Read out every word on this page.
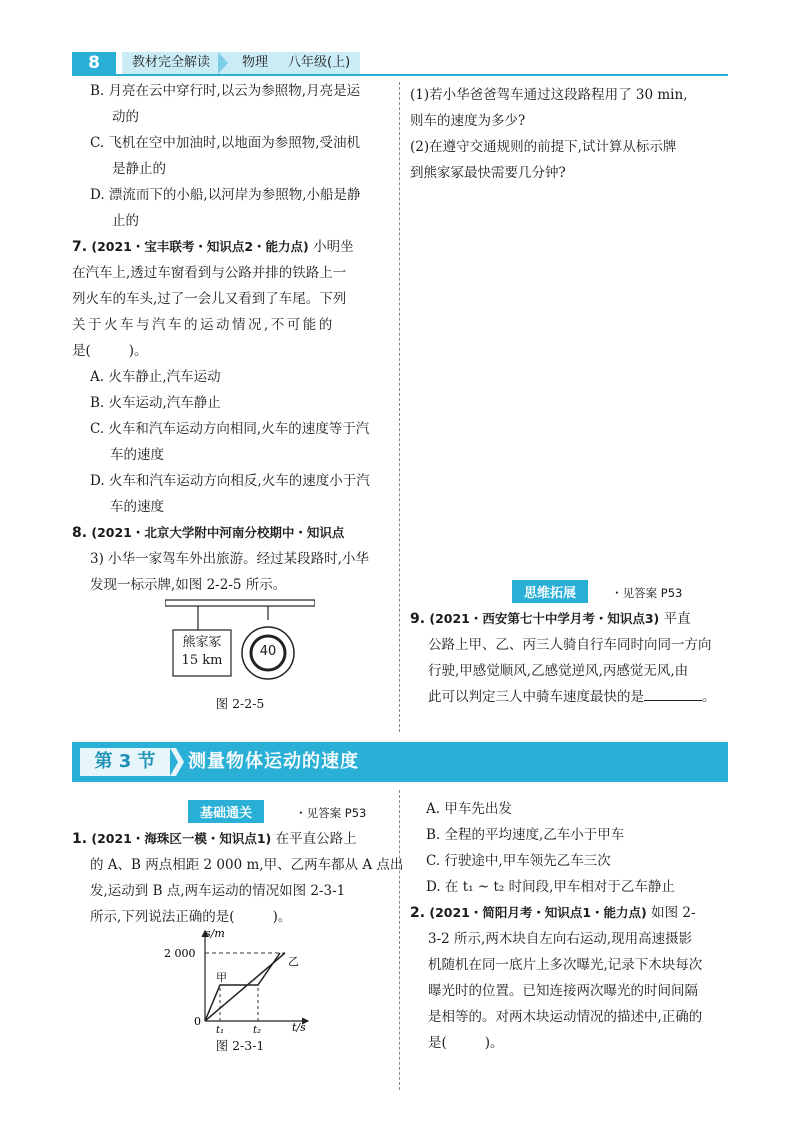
8	教材完全解读	物理	八年级(上)
B. 月亮在云中穿行时,以云为参照物,月亮是运
动的
C. 飞机在空中加油时,以地面为参照物,受油机
是静止的
D. 漂流而下的小船,以河岸为参照物,小船是静
止的
7. (2021・宝丰联考・知识点2・能力点) 小明坐
在汽车上,透过车窗看到与公路并排的铁路上一
列火车的车头,过了一会儿又看到了车尾。下列
关于火车与汽车的运动情况,不可能的
是(	)。
A. 火车静止,汽车运动
B. 火车运动,汽车静止
C. 火车和汽车运动方向相同,火车的速度等于汽
车的速度
D. 火车和汽车运动方向相反,火车的速度小于汽
车的速度
8. (2021・北京大学附中河南分校期中・知识点
3) 小华一家驾车外出旅游。经过某段路时,小华
发现一标示牌,如图 2-2-5 所示。
熊家冢
15 km
40
图 2-2-5
(1)若小华爸爸驾车通过这段路程用了 30 min,
则车的速度为多少?
(2)在遵守交通规则的前提下,试计算从标示牌
到熊家冢最快需要几分钟?
思维拓展	・见答案 P53
9. (2021・西安第七十中学月考・知识点3) 平直
公路上甲、乙、丙三人骑自行车同时向同一方向
行驶,甲感觉顺风,乙感觉逆风,丙感觉无风,由
此可以判定三人中骑车速度最快的是	。
第 3 节	测量物体运动的速度
基础通关	・见答案 P53
1. (2021・海珠区一模・知识点1) 在平直公路上
的 A、B 两点相距 2 000 m,甲、乙两车都从 A 点出
发,运动到 B 点,两车运动的情况如图 2-3-1
所示,下列说法正确的是(	)。
s/m
2 000
0
t₁	t₂	t/s
甲
乙
图 2-3-1
A. 甲车先出发
B. 全程的平均速度,乙车小于甲车
C. 行驶途中,甲车领先乙车三次
D. 在 t₁ ~ t₂ 时间段,甲车相对于乙车静止
2. (2021・简阳月考・知识点1・能力点) 如图 2-
3-2 所示,两木块自左向右运动,现用高速摄影
机随机在同一底片上多次曝光,记录下木块每次
曝光时的位置。已知连接两次曝光的时间间隔
是相等的。对两木块运动情况的描述中,正确的
是(	)。
